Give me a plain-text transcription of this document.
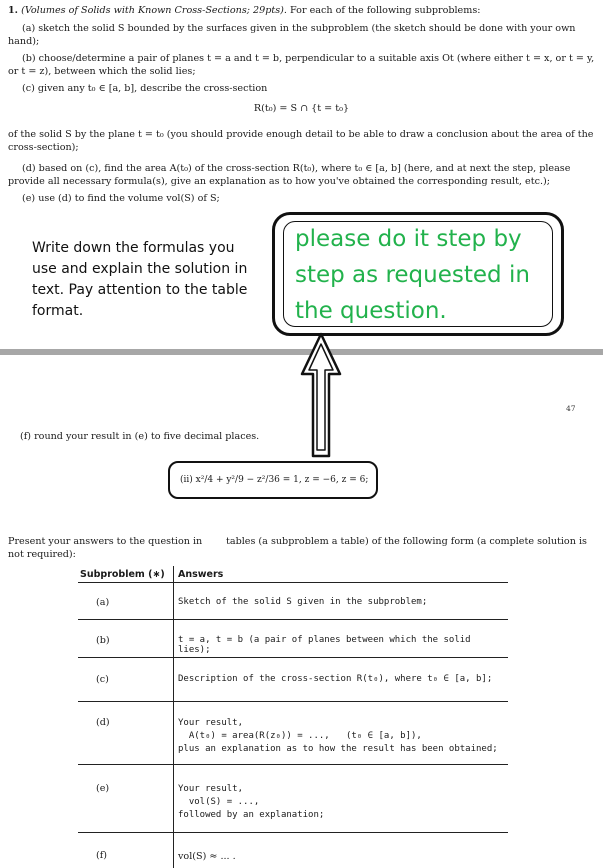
1. (Volumes of Solids with Known Cross-Sections; 29pts). For each of the following subproblems:
(a) sketch the solid S bounded by the surfaces given in the subproblem (the sketch should be done with your own hand);
(b) choose/determine a pair of planes t = a and t = b, perpendicular to a suitable axis Ot (where either t = x, or t = y, or t = z), between which the solid lies;
(c) given any t₀ ∈ [a, b], describe the cross-section
R(t₀) = S ∩ {t = t₀}
of the solid S by the plane t = t₀ (you should provide enough detail to be able to draw a conclusion about the area of the cross-section);
(d) based on (c), find the area A(t₀) of the cross-section R(t₀), where t₀ ∈ [a, b] (here, and at next the step, please provide all necessary formula(s), give an explanation as to how you've obtained the corresponding result, etc.);
(e) use (d) to find the volume vol(S) of S;
Write down the formulas you use and explain the solution in text. Pay attention to the table format.
please do it step by step as requested in the question.
47
(f) round your result in (e) to five decimal places.
(ii) x²/4 + y²/9 − z²/36 = 1, z = −6, z = 6;
Present your answers to the question in
not required):
tables (a subproblem a table) of the following form (a complete solution is
Subproblem (∗) Answers
(a)	Sketch of the solid S given in the subproblem;
(b)	t = a, t = b (a pair of planes between which the solid lies);
(c)	Description of the cross-section R(t₀), where t₀ ∈ [a, b];
(d)	Your result,
A(t₀) = area(R(z₀)) = ...,   (t₀ ∈ [a, b]),
plus an explanation as to how the result has been obtained;
(e)	Your result,
vol(S) = ...,
followed by an explanation;
(f)	vol(S) ≈ ... .
